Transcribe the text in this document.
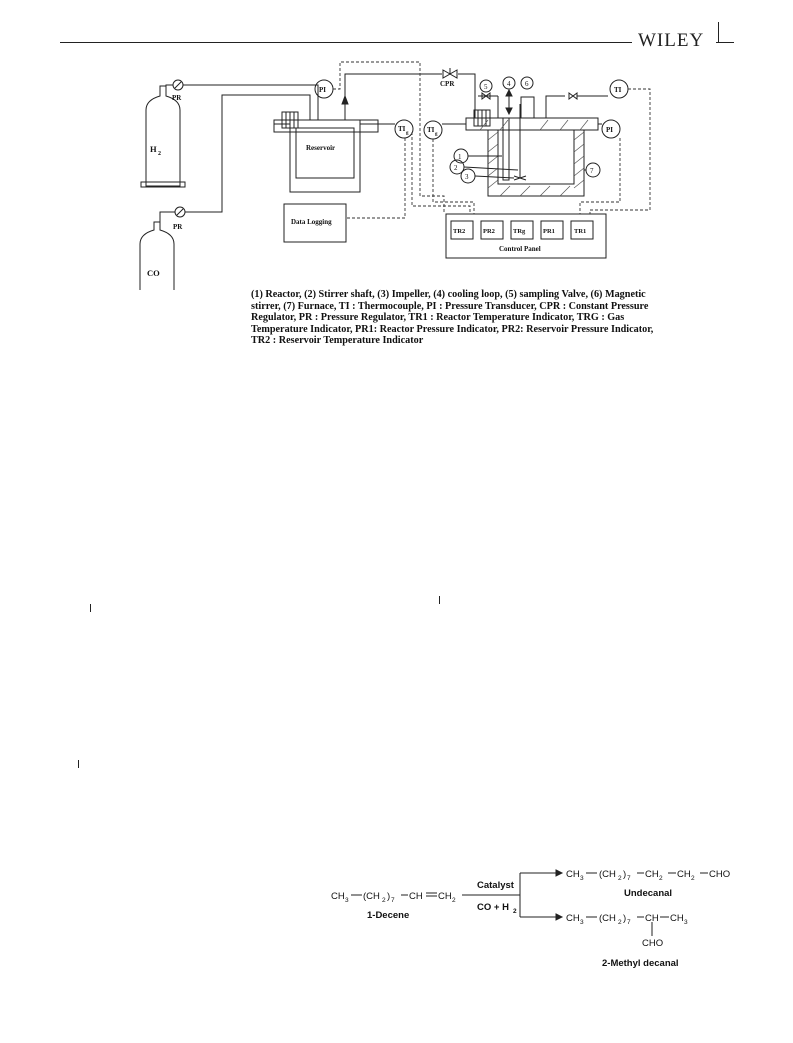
WILEY
H 2
CO
PR
PR
PI
PI
CPR
Reservoir
TI
g	TI
g
TI
Data Logging
Control Panel
1
2
3
4
5	6
7
TR2	PR2	TRg	PR1	TR1
(1) Reactor, (2) Stirrer shaft, (3) Impeller, (4) cooling loop, (5) sampling Valve, (6) Magnetic stirrer, (7) Furnace, TI : Thermocouple, PI : Pressure Transducer, CPR : Constant Pressure Regulator, PR : Pressure Regulator, TR1 : Reactor Temperature Indicator, TRG : Gas Temperature Indicator, PR1: Reactor Pressure Indicator, PR2: Reservoir Pressure Indicator, TR2 : Reservoir Temperature Indicator
CH 3 (CH 2 ) 7 CH CH 2
1-Decene
Catalyst
CO + H 2
CH 3 (CH 2 ) 7 CH 2 CH 2 CHO
Undecanal
CH 3 (CH 2 ) 7 CH CH 3
CHO
2-Methyl decanal
